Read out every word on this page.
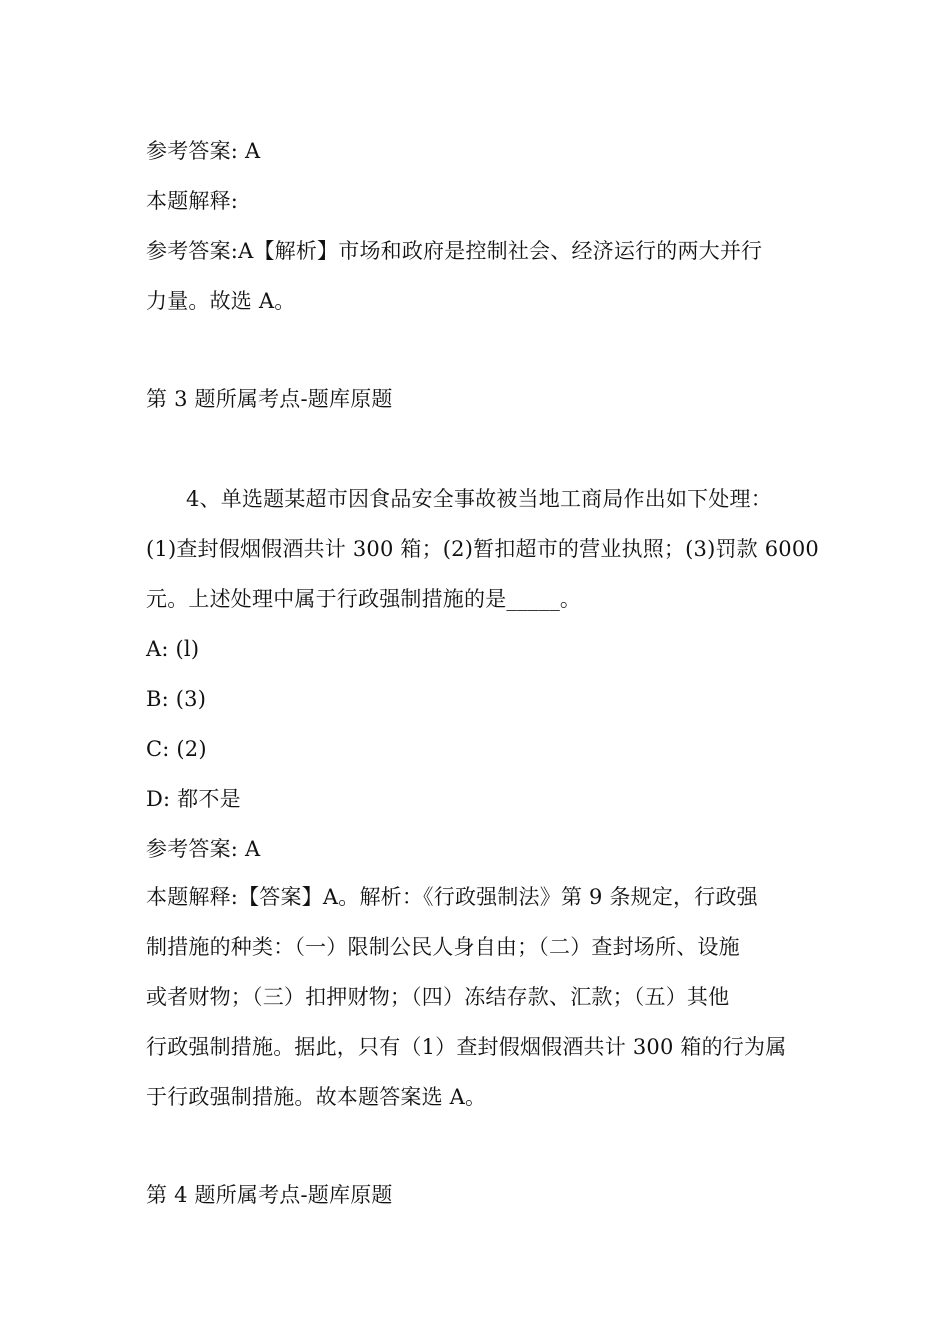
参考答案: A
本题解释:
参考答案:A【解析】市场和政府是控制社会、经济运行的两大并行
力量。故选 A。
第 3 题所属考点-题库原题
4、单选题某超市因食品安全事故被当地工商局作出如下处理：
(1)查封假烟假酒共计 300 箱；(2)暂扣超市的营业执照；(3)罚款 6000
元。上述处理中属于行政强制措施的是_____。
A: (l)
B: (3)
C: (2)
D: 都不是
参考答案: A
本题解释:【答案】A。解析：《行政强制法》第 9 条规定，行政强
制措施的种类：（一）限制公民人身自由；（二）查封场所、设施
或者财物；（三）扣押财物；（四）冻结存款、汇款；（五）其他
行政强制措施。据此，只有（1）查封假烟假酒共计 300 箱的行为属
于行政强制措施。故本题答案选 A。
第 4 题所属考点-题库原题
